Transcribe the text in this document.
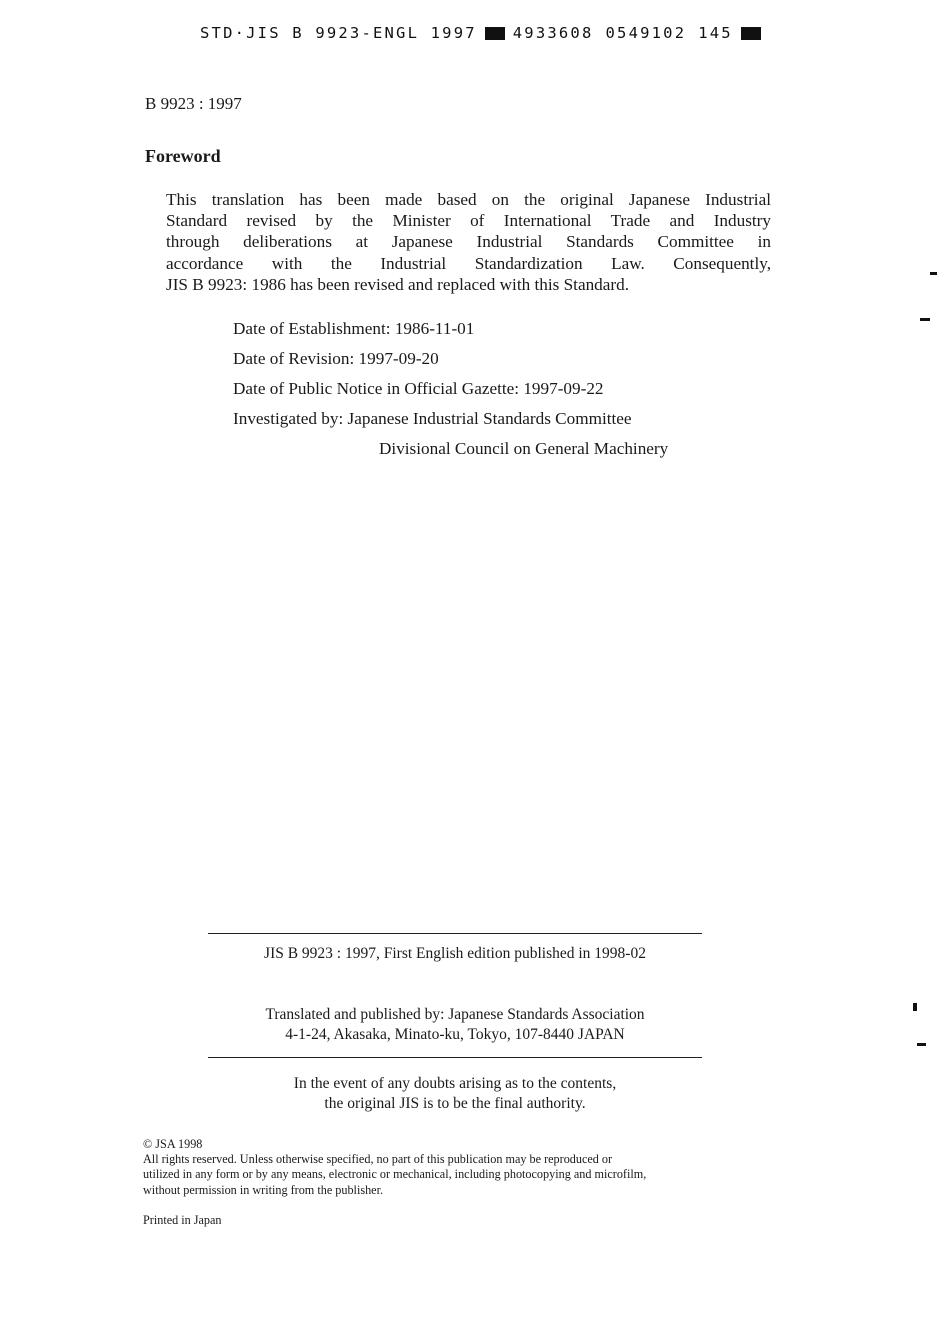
STD·JIS B 9923-ENGL 1997 4933608 0549102 145
B 9923 : 1997
Foreword
This translation has been made based on the original Japanese Industrial
Standard revised by the Minister of International Trade and Industry
through deliberations at Japanese Industrial Standards Committee in
accordance with the Industrial Standardization Law. Consequently,
JIS B 9923: 1986 has been revised and replaced with this Standard.
Date of Establishment: 1986-11-01
Date of Revision: 1997-09-20
Date of Public Notice in Official Gazette: 1997-09-22
Investigated by: Japanese Industrial Standards Committee
Divisional Council on General Machinery
JIS B 9923 : 1997, First English edition published in 1998-02
Translated and published by: Japanese Standards Association
4-1-24, Akasaka, Minato-ku, Tokyo, 107-8440 JAPAN
In the event of any doubts arising as to the contents,
the original JIS is to be the final authority.
© JSA 1998
All rights reserved. Unless otherwise specified, no part of this publication may be reproduced or
utilized in any form or by any means, electronic or mechanical, including photocopying and microfilm,
without permission in writing from the publisher.
Printed in Japan
